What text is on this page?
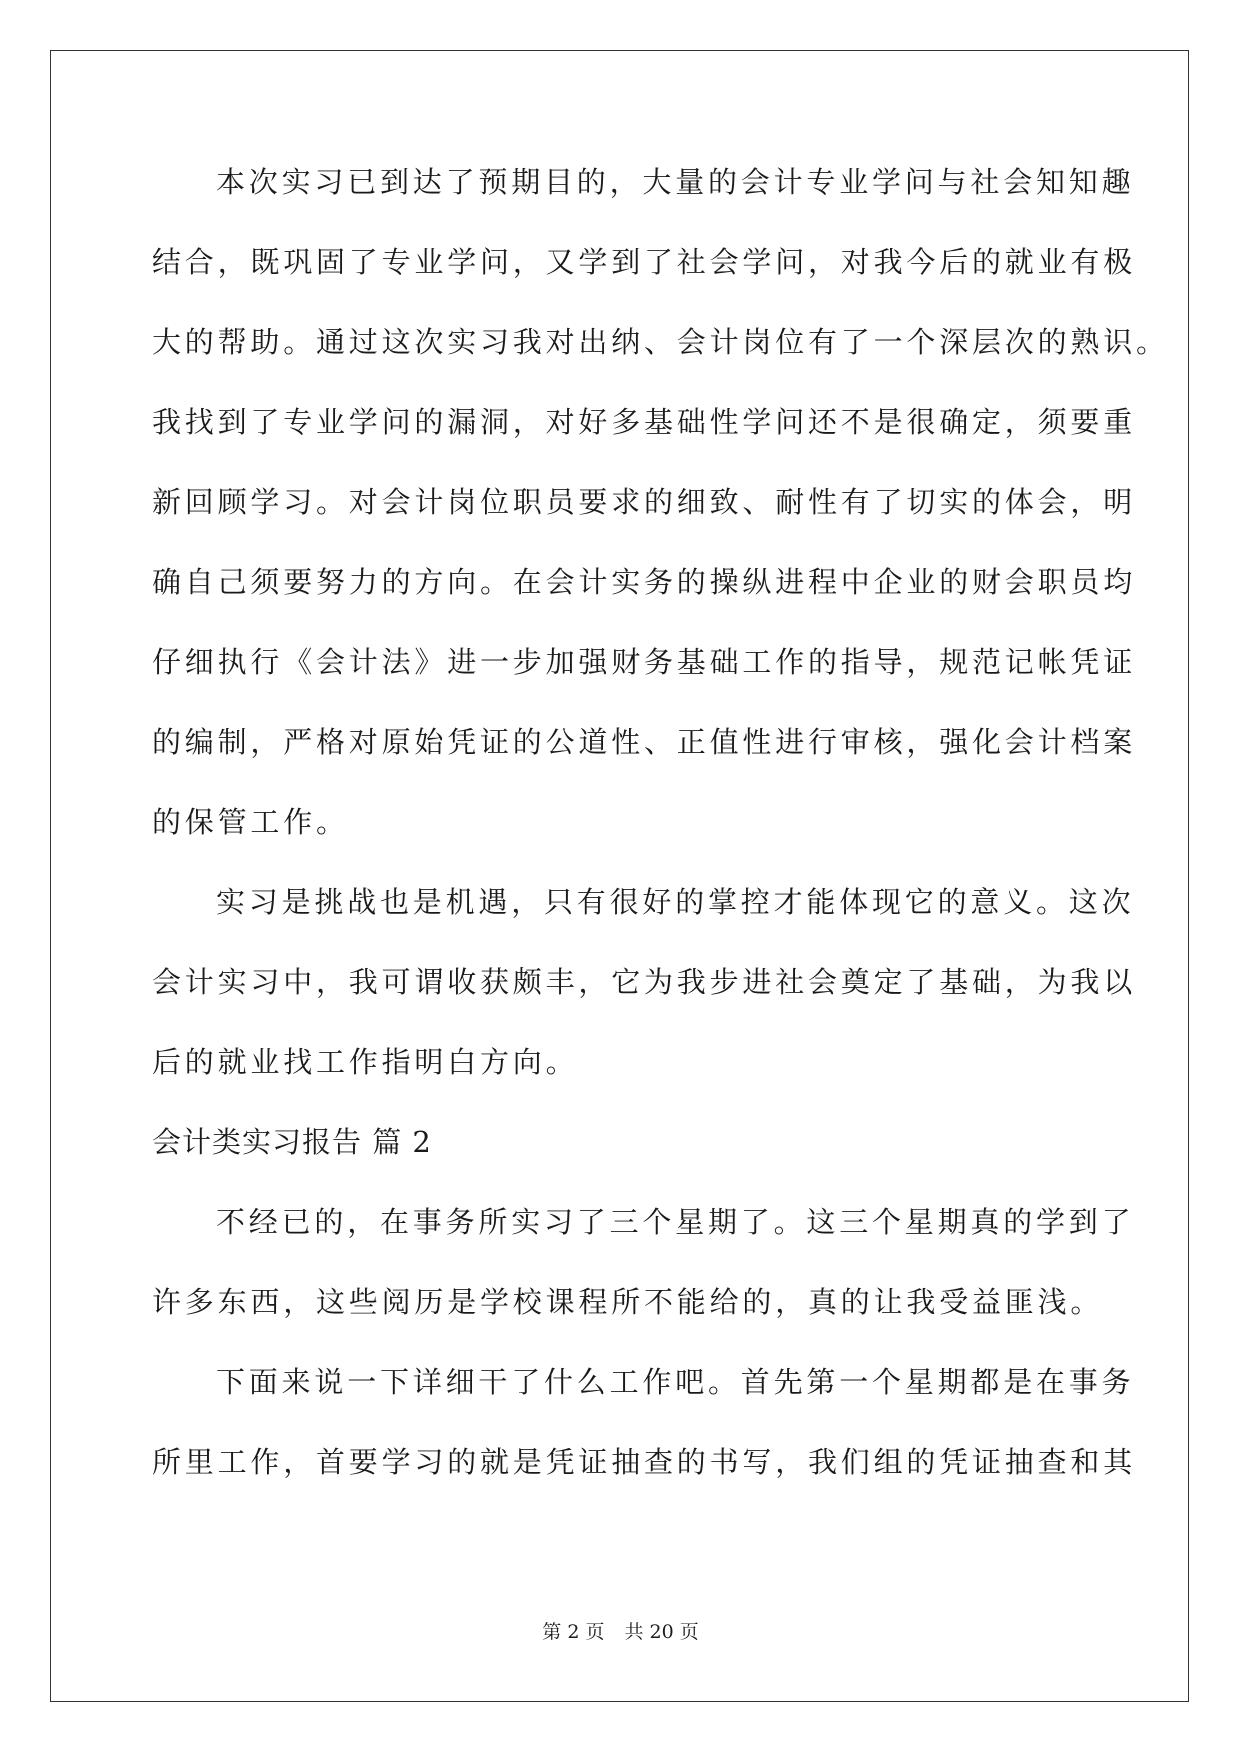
本次实习已到达了预期目的，大量的会计专业学问与社会知知趣
结合，既巩固了专业学问，又学到了社会学问，对我今后的就业有极
大的帮助。通过这次实习我对出纳、会计岗位有了一个深层次的熟识。
我找到了专业学问的漏洞，对好多基础性学问还不是很确定，须要重
新回顾学习。对会计岗位职员要求的细致、耐性有了切实的体会，明
确自己须要努力的方向。在会计实务的操纵进程中企业的财会职员均
仔细执行《会计法》进一步加强财务基础工作的指导，规范记帐凭证
的编制，严格对原始凭证的公道性、正值性进行审核，强化会计档案
的保管工作。
实习是挑战也是机遇，只有很好的掌控才能体现它的意义。这次
会计实习中，我可谓收获颇丰，它为我步进社会奠定了基础，为我以
后的就业找工作指明白方向。
会计类实习报告 篇 2
不经已的，在事务所实习了三个星期了。这三个星期真的学到了
许多东西，这些阅历是学校课程所不能给的，真的让我受益匪浅。
下面来说一下详细干了什么工作吧。首先第一个星期都是在事务
所里工作，首要学习的就是凭证抽查的书写，我们组的凭证抽查和其
第 2 页 共 20 页
